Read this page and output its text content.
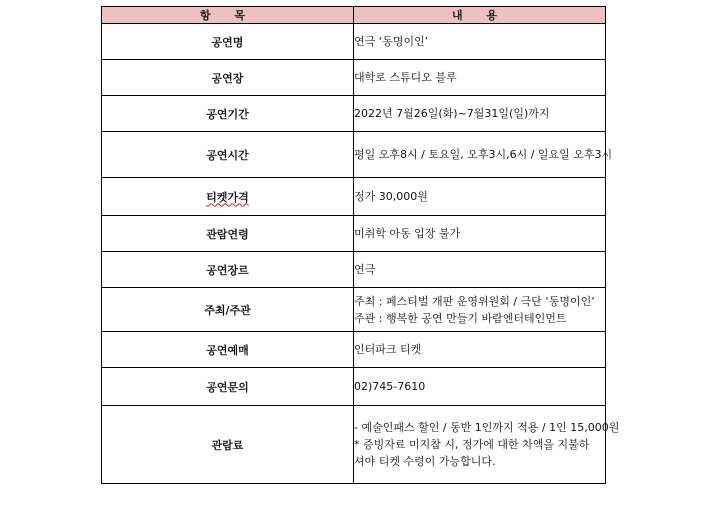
항 목	내 용
공연명	연극 ‘동명이인’

공연장	대학로 스튜디오 블루

공연기간	2022년 7월26일(화)~7월31일(일)까지

공연시간	평일 오후8시 / 토요일, 오후3시,6시 / 일요일 오후3시

티켓가격	정가 30,000원

관람연령	미취학 아동 입장 불가

공연장르	연극

주최/주관	주최 : 페스티벌 개판 운영위원회 / 극단 ‘동명이인’
주관 : 행복한 공연 만들기 바람엔터테인먼트

공연예매	인터파크 티켓

공연문의	02)745-7610

관람료	- 예술인패스 할인 / 동반 1인까지 적용 / 1인 15,000원
* 증빙자료 미지참 시, 정가에 대한 차액을 지불하셔야 티켓 수령이 가능합니다.
